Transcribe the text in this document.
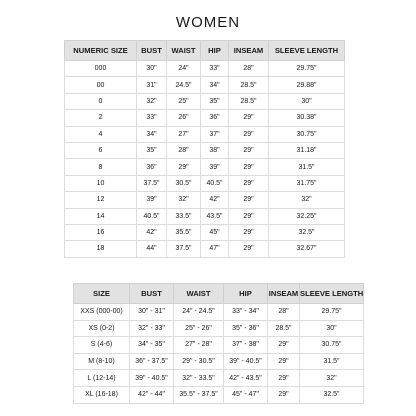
WOMEN
NUMERIC SIZE	BUST	WAIST	HIP	INSEAM	SLEEVE LENGTH
000	30"	24"	33"	28"	29.75"
00	31"	24.5"	34"	28.5"	29.88"
0	32"	25"	35"	28.5"	30"
2	33"	26"	36"	29"	30.38"
4	34"	27"	37"	29"	30.75"
6	35"	28"	38"	29"	31.18"
8	36"	29"	39"	29"	31.5"
10	37.5"	30.5"	40.5"	29"	31.75"
12	39"	32"	42"	29"	32"
14	40.5"	33.5"	43.5"	29"	32.25"
16	42"	35.5"	45"	29"	32.5"
18	44"	37.5"	47"	29"	32.67"
SIZE	BUST	WAIST	HIP	INSEAM	SLEEVE LENGTH
XXS (000-00)	30" - 31"	24" - 24.5"	33" - 34"	28"	29.75"
XS (0-2)	32" - 33"	25" - 26"	35" - 36"	28.5"	30"
S (4-6)	34" - 35"	27" - 28"	37" - 38"	29"	30.75"
M (8-10)	36" - 37.5"	29" - 30.5"	39" - 40.5"	29"	31.5"
L (12-14)	39" - 40.5"	32" - 33.5"	42" - 43.5"	29"	32"
XL (16-18)	42" - 44"	35.5" - 37.5"	45" - 47"	29"	32.5"
